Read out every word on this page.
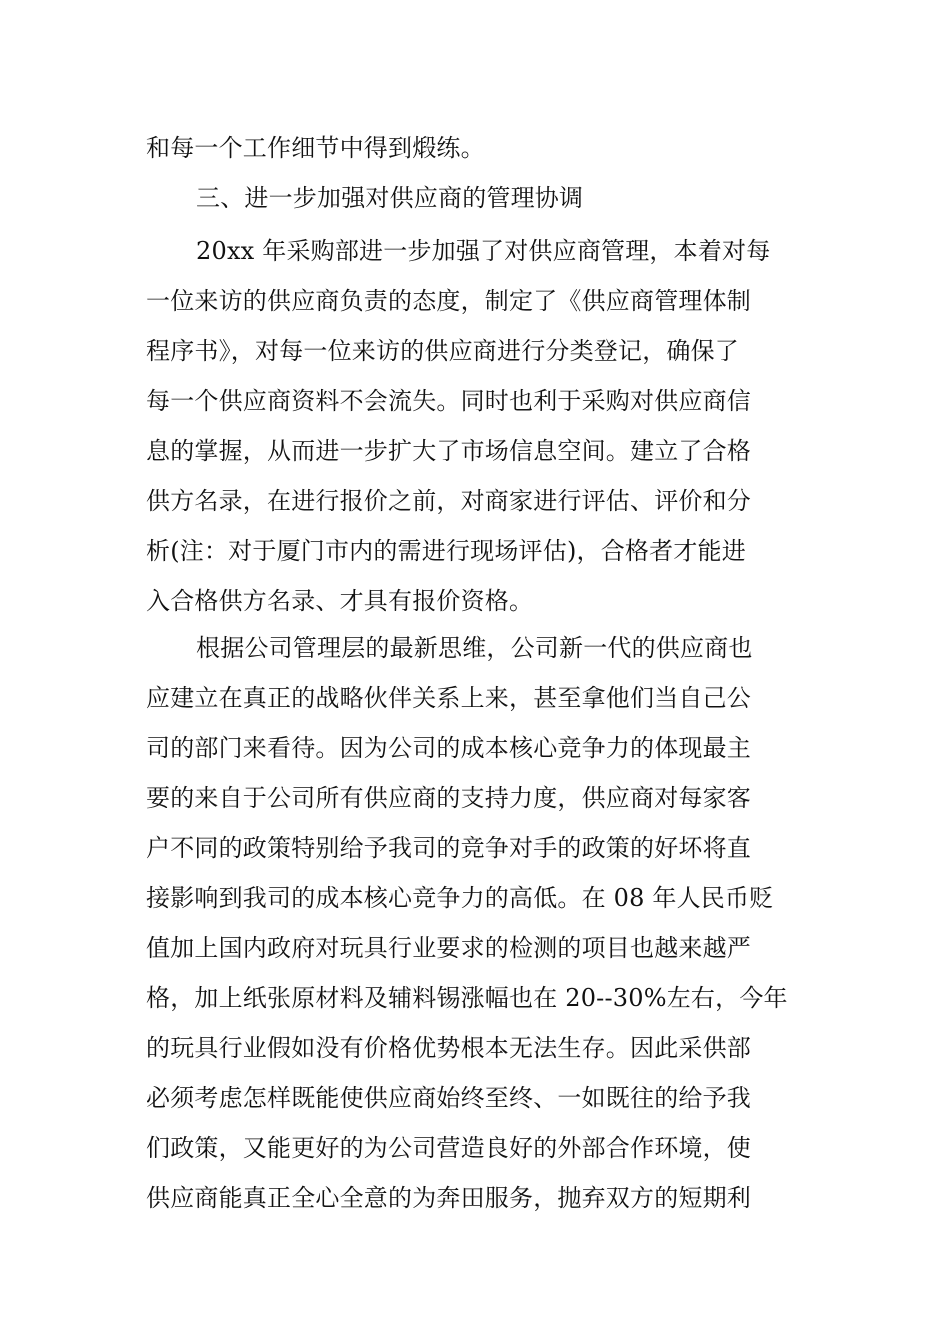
和每一个工作细节中得到煅练。
三、进一步加强对供应商的管理协调
20xx 年采购部进一步加强了对供应商管理，本着对每
一位来访的供应商负责的态度，制定了《供应商管理体制
程序书》，对每一位来访的供应商进行分类登记，确保了
每一个供应商资料不会流失。同时也利于采购对供应商信
息的掌握，从而进一步扩大了市场信息空间。建立了合格
供方名录，在进行报价之前，对商家进行评估、评价和分
析(注：对于厦门市内的需进行现场评估)，合格者才能进
入合格供方名录、才具有报价资格。
根据公司管理层的最新思维，公司新一代的供应商也
应建立在真正的战略伙伴关系上来，甚至拿他们当自己公
司的部门来看待。因为公司的成本核心竞争力的体现最主
要的来自于公司所有供应商的支持力度，供应商对每家客
户不同的政策特别给予我司的竞争对手的政策的好坏将直
接影响到我司的成本核心竞争力的高低。在 08 年人民币贬
值加上国内政府对玩具行业要求的检测的项目也越来越严
格，加上纸张原材料及辅料锡涨幅也在 20--30%左右，今年
的玩具行业假如没有价格优势根本无法生存。因此采供部
必须考虑怎样既能使供应商始终至终、一如既往的给予我
们政策，又能更好的为公司营造良好的外部合作环境，使
供应商能真正全心全意的为奔田服务，抛弃双方的短期利
